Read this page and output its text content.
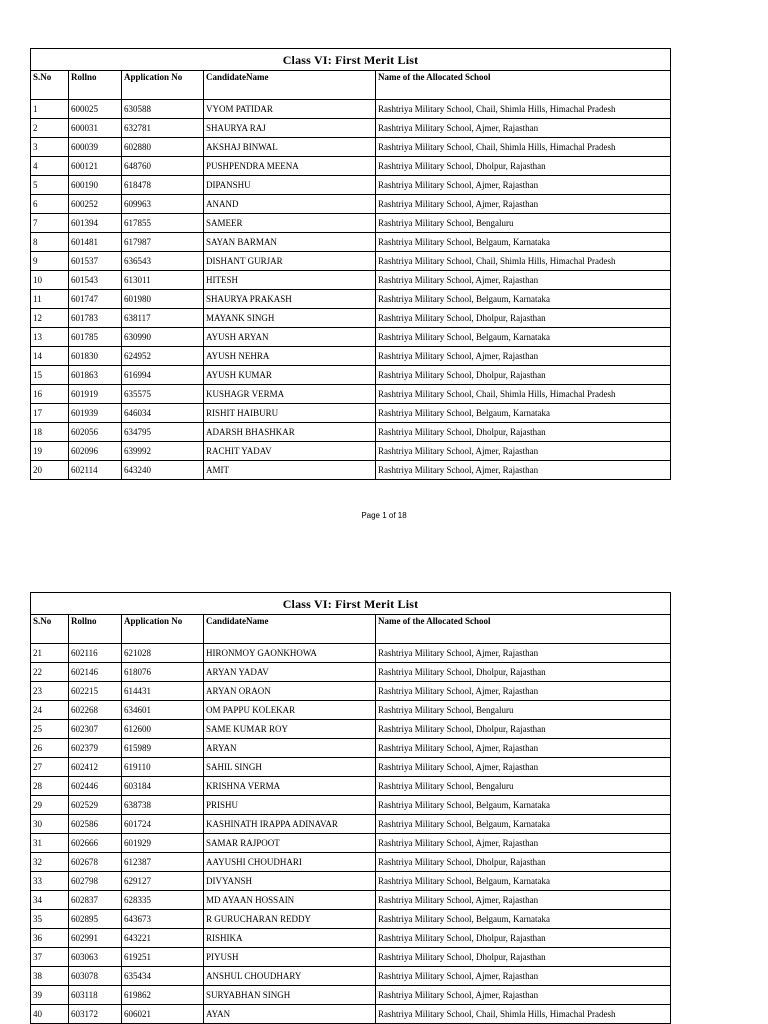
Class VI: First Merit List				
S.No	Rollno	Application No	CandidateName	Name of the Allocated School
1	600025	630588	VYOM PATIDAR	Rashtriya Military School, Chail, Shimla Hills, Himachal Pradesh
2	600031	632781	SHAURYA RAJ	Rashtriya Military School, Ajmer, Rajasthan
3	600039	602880	AKSHAJ BINWAL	Rashtriya Military School, Chail, Shimla Hills, Himachal Pradesh
4	600121	648760	PUSHPENDRA MEENA	Rashtriya Military School, Dholpur, Rajasthan
5	600190	618478	DIPANSHU	Rashtriya Military School, Ajmer, Rajasthan
6	600252	609963	ANAND	Rashtriya Military School, Ajmer, Rajasthan
7	601394	617855	SAMEER	Rashtriya Military School, Bengaluru
8	601481	617987	SAYAN BARMAN	Rashtriya Military School, Belgaum, Karnataka
9	601537	636543	DISHANT GURJAR	Rashtriya Military School, Chail, Shimla Hills, Himachal Pradesh
10	601543	613011	HITESH	Rashtriya Military School, Ajmer, Rajasthan
11	601747	601980	SHAURYA PRAKASH	Rashtriya Military School, Belgaum, Karnataka
12	601783	638117	MAYANK SINGH	Rashtriya Military School, Dholpur, Rajasthan
13	601785	630990	AYUSH ARYAN	Rashtriya Military School, Belgaum, Karnataka
14	601830	624952	AYUSH NEHRA	Rashtriya Military School, Ajmer, Rajasthan
15	601863	616994	AYUSH KUMAR	Rashtriya Military School, Dholpur, Rajasthan
16	601919	635575	KUSHAGR VERMA	Rashtriya Military School, Chail, Shimla Hills, Himachal Pradesh
17	601939	646034	RISHIT HAIBURU	Rashtriya Military School, Belgaum, Karnataka
18	602056	634795	ADARSH BHASHKAR	Rashtriya Military School, Dholpur, Rajasthan
19	602096	639992	RACHIT YADAV	Rashtriya Military School, Ajmer, Rajasthan
20	602114	643240	AMIT	Rashtriya Military School, Ajmer, Rajasthan
Page 1 of 18
Class VI: First Merit List				
S.No	Rollno	Application No	CandidateName	Name of the Allocated School
21	602116	621028	HIRONMOY GAONKHOWA	Rashtriya Military School, Ajmer, Rajasthan
22	602146	618076	ARYAN YADAV	Rashtriya Military School, Dholpur, Rajasthan
23	602215	614431	ARYAN ORAON	Rashtriya Military School, Ajmer, Rajasthan
24	602268	634601	OM PAPPU KOLEKAR	Rashtriya Military School, Bengaluru
25	602307	612600	SAME KUMAR ROY	Rashtriya Military School, Dholpur, Rajasthan
26	602379	615989	ARYAN	Rashtriya Military School, Ajmer, Rajasthan
27	602412	619110	SAHIL SINGH	Rashtriya Military School, Ajmer, Rajasthan
28	602446	603184	KRISHNA VERMA	Rashtriya Military School, Bengaluru
29	602529	638738	PRISHU	Rashtriya Military School, Belgaum, Karnataka
30	602586	601724	KASHINATH IRAPPA ADINAVAR	Rashtriya Military School, Belgaum, Karnataka
31	602666	601929	SAMAR RAJPOOT	Rashtriya Military School, Ajmer, Rajasthan
32	602678	612387	AAYUSHI CHOUDHARI	Rashtriya Military School, Dholpur, Rajasthan
33	602798	629127	DIVYANSH	Rashtriya Military School, Belgaum, Karnataka
34	602837	628335	MD AYAAN HOSSAIN	Rashtriya Military School, Ajmer, Rajasthan
35	602895	643673	R GURUCHARAN REDDY	Rashtriya Military School, Belgaum, Karnataka
36	602991	643221	RISHIKA	Rashtriya Military School, Dholpur, Rajasthan
37	603063	619251	PIYUSH	Rashtriya Military School, Dholpur, Rajasthan
38	603078	635434	ANSHUL CHOUDHARY	Rashtriya Military School, Ajmer, Rajasthan
39	603118	619862	SURYABHAN SINGH	Rashtriya Military School, Ajmer, Rajasthan
40	603172	606021	AYAN	Rashtriya Military School, Chail, Shimla Hills, Himachal Pradesh
